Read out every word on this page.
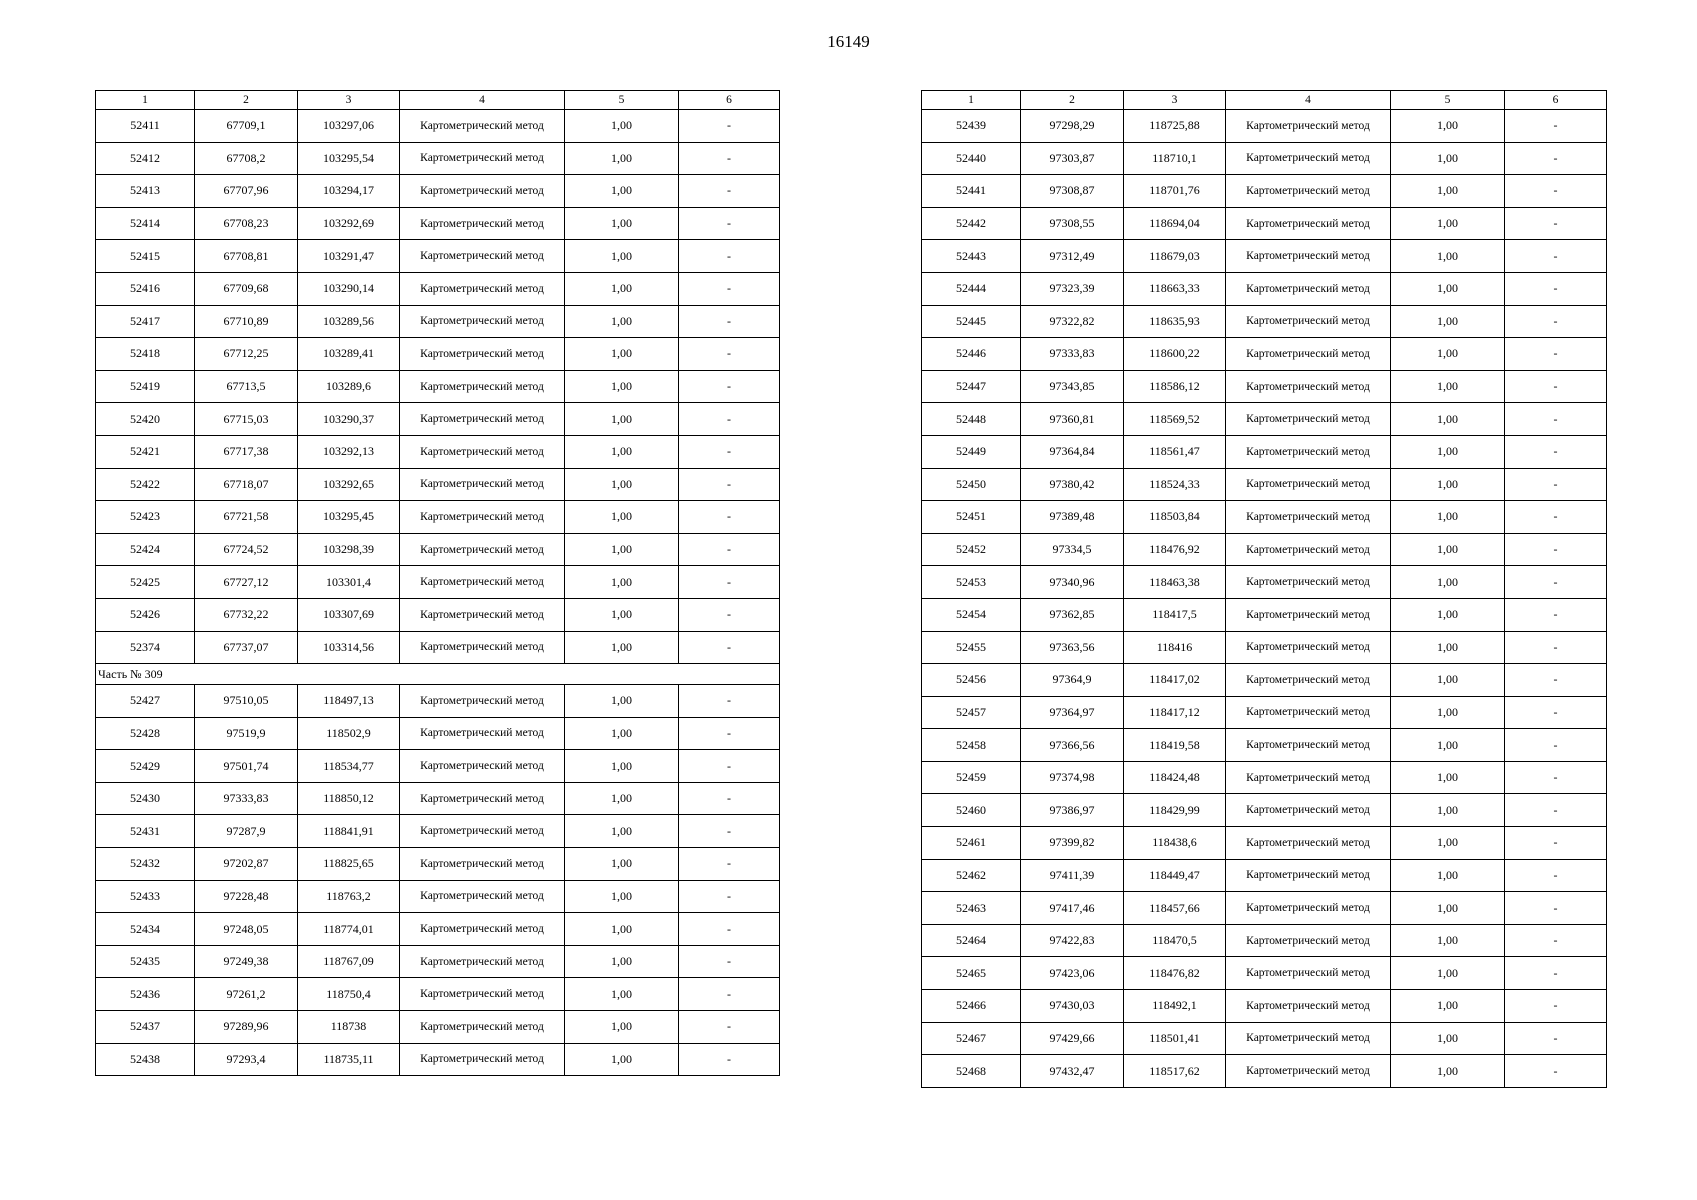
16149
1	2	3	4	5	6
52411	67709,1	103297,06	Картометрический метод	1,00	-
52412	67708,2	103295,54	Картометрический метод	1,00	-
52413	67707,96	103294,17	Картометрический метод	1,00	-
52414	67708,23	103292,69	Картометрический метод	1,00	-
52415	67708,81	103291,47	Картометрический метод	1,00	-
52416	67709,68	103290,14	Картометрический метод	1,00	-
52417	67710,89	103289,56	Картометрический метод	1,00	-
52418	67712,25	103289,41	Картометрический метод	1,00	-
52419	67713,5	103289,6	Картометрический метод	1,00	-
52420	67715,03	103290,37	Картометрический метод	1,00	-
52421	67717,38	103292,13	Картометрический метод	1,00	-
52422	67718,07	103292,65	Картометрический метод	1,00	-
52423	67721,58	103295,45	Картометрический метод	1,00	-
52424	67724,52	103298,39	Картометрический метод	1,00	-
52425	67727,12	103301,4	Картометрический метод	1,00	-
52426	67732,22	103307,69	Картометрический метод	1,00	-
52374	67737,07	103314,56	Картометрический метод	1,00	-
Часть № 309					
52427	97510,05	118497,13	Картометрический метод	1,00	-
52428	97519,9	118502,9	Картометрический метод	1,00	-
52429	97501,74	118534,77	Картометрический метод	1,00	-
52430	97333,83	118850,12	Картометрический метод	1,00	-
52431	97287,9	118841,91	Картометрический метод	1,00	-
52432	97202,87	118825,65	Картометрический метод	1,00	-
52433	97228,48	118763,2	Картометрический метод	1,00	-
52434	97248,05	118774,01	Картометрический метод	1,00	-
52435	97249,38	118767,09	Картометрический метод	1,00	-
52436	97261,2	118750,4	Картометрический метод	1,00	-
52437	97289,96	118738	Картометрический метод	1,00	-
52438	97293,4	118735,11	Картометрический метод	1,00	-
1	2	3	4	5	6
52439	97298,29	118725,88	Картометрический метод	1,00	-
52440	97303,87	118710,1	Картометрический метод	1,00	-
52441	97308,87	118701,76	Картометрический метод	1,00	-
52442	97308,55	118694,04	Картометрический метод	1,00	-
52443	97312,49	118679,03	Картометрический метод	1,00	-
52444	97323,39	118663,33	Картометрический метод	1,00	-
52445	97322,82	118635,93	Картометрический метод	1,00	-
52446	97333,83	118600,22	Картометрический метод	1,00	-
52447	97343,85	118586,12	Картометрический метод	1,00	-
52448	97360,81	118569,52	Картометрический метод	1,00	-
52449	97364,84	118561,47	Картометрический метод	1,00	-
52450	97380,42	118524,33	Картометрический метод	1,00	-
52451	97389,48	118503,84	Картометрический метод	1,00	-
52452	97334,5	118476,92	Картометрический метод	1,00	-
52453	97340,96	118463,38	Картометрический метод	1,00	-
52454	97362,85	118417,5	Картометрический метод	1,00	-
52455	97363,56	118416	Картометрический метод	1,00	-
52456	97364,9	118417,02	Картометрический метод	1,00	-
52457	97364,97	118417,12	Картометрический метод	1,00	-
52458	97366,56	118419,58	Картометрический метод	1,00	-
52459	97374,98	118424,48	Картометрический метод	1,00	-
52460	97386,97	118429,99	Картометрический метод	1,00	-
52461	97399,82	118438,6	Картометрический метод	1,00	-
52462	97411,39	118449,47	Картометрический метод	1,00	-
52463	97417,46	118457,66	Картометрический метод	1,00	-
52464	97422,83	118470,5	Картометрический метод	1,00	-
52465	97423,06	118476,82	Картометрический метод	1,00	-
52466	97430,03	118492,1	Картометрический метод	1,00	-
52467	97429,66	118501,41	Картометрический метод	1,00	-
52468	97432,47	118517,62	Картометрический метод	1,00	-
